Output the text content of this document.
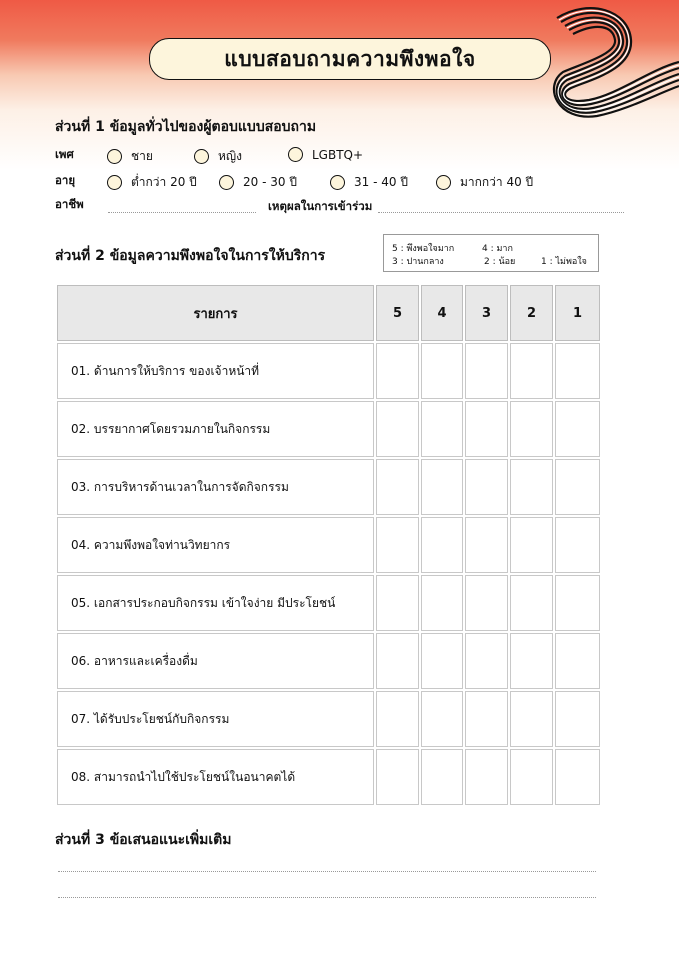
แบบสอบถามความพึงพอใจ
ส่วนที่ 1 ข้อมูลทั่วไปของผู้ตอบแบบสอบถาม
เพศ	ชาย	หญิง	LGBTQ+
อายุ	ต่ำกว่า 20 ปี	20 - 30 ปี	31 - 40 ปี	มากกว่า 40 ปี
อาชีพ	เหตุผลในการเข้าร่วม
ส่วนที่ 2 ข้อมูลความพึงพอใจในการให้บริการ	5 : พึงพอใจมาก	4 : มาก
3 : ปานกลาง	2 : น้อย	1 : ไม่พอใจ
รายการ	5	4	3	2	1
01. ด้านการให้บริการ ของเจ้าหน้าที่
02. บรรยากาศโดยรวมภายในกิจกรรม
03. การบริหารด้านเวลาในการจัดกิจกรรม
04. ความพึงพอใจท่านวิทยากร
05. เอกสารประกอบกิจกรรม เข้าใจง่าย มีประโยชน์
06. อาหารและเครื่องดื่ม
07. ได้รับประโยชน์กับกิจกรรม
08. สามารถนำไปใช้ประโยชน์ในอนาคตได้
ส่วนที่ 3 ข้อเสนอแนะเพิ่มเติม
